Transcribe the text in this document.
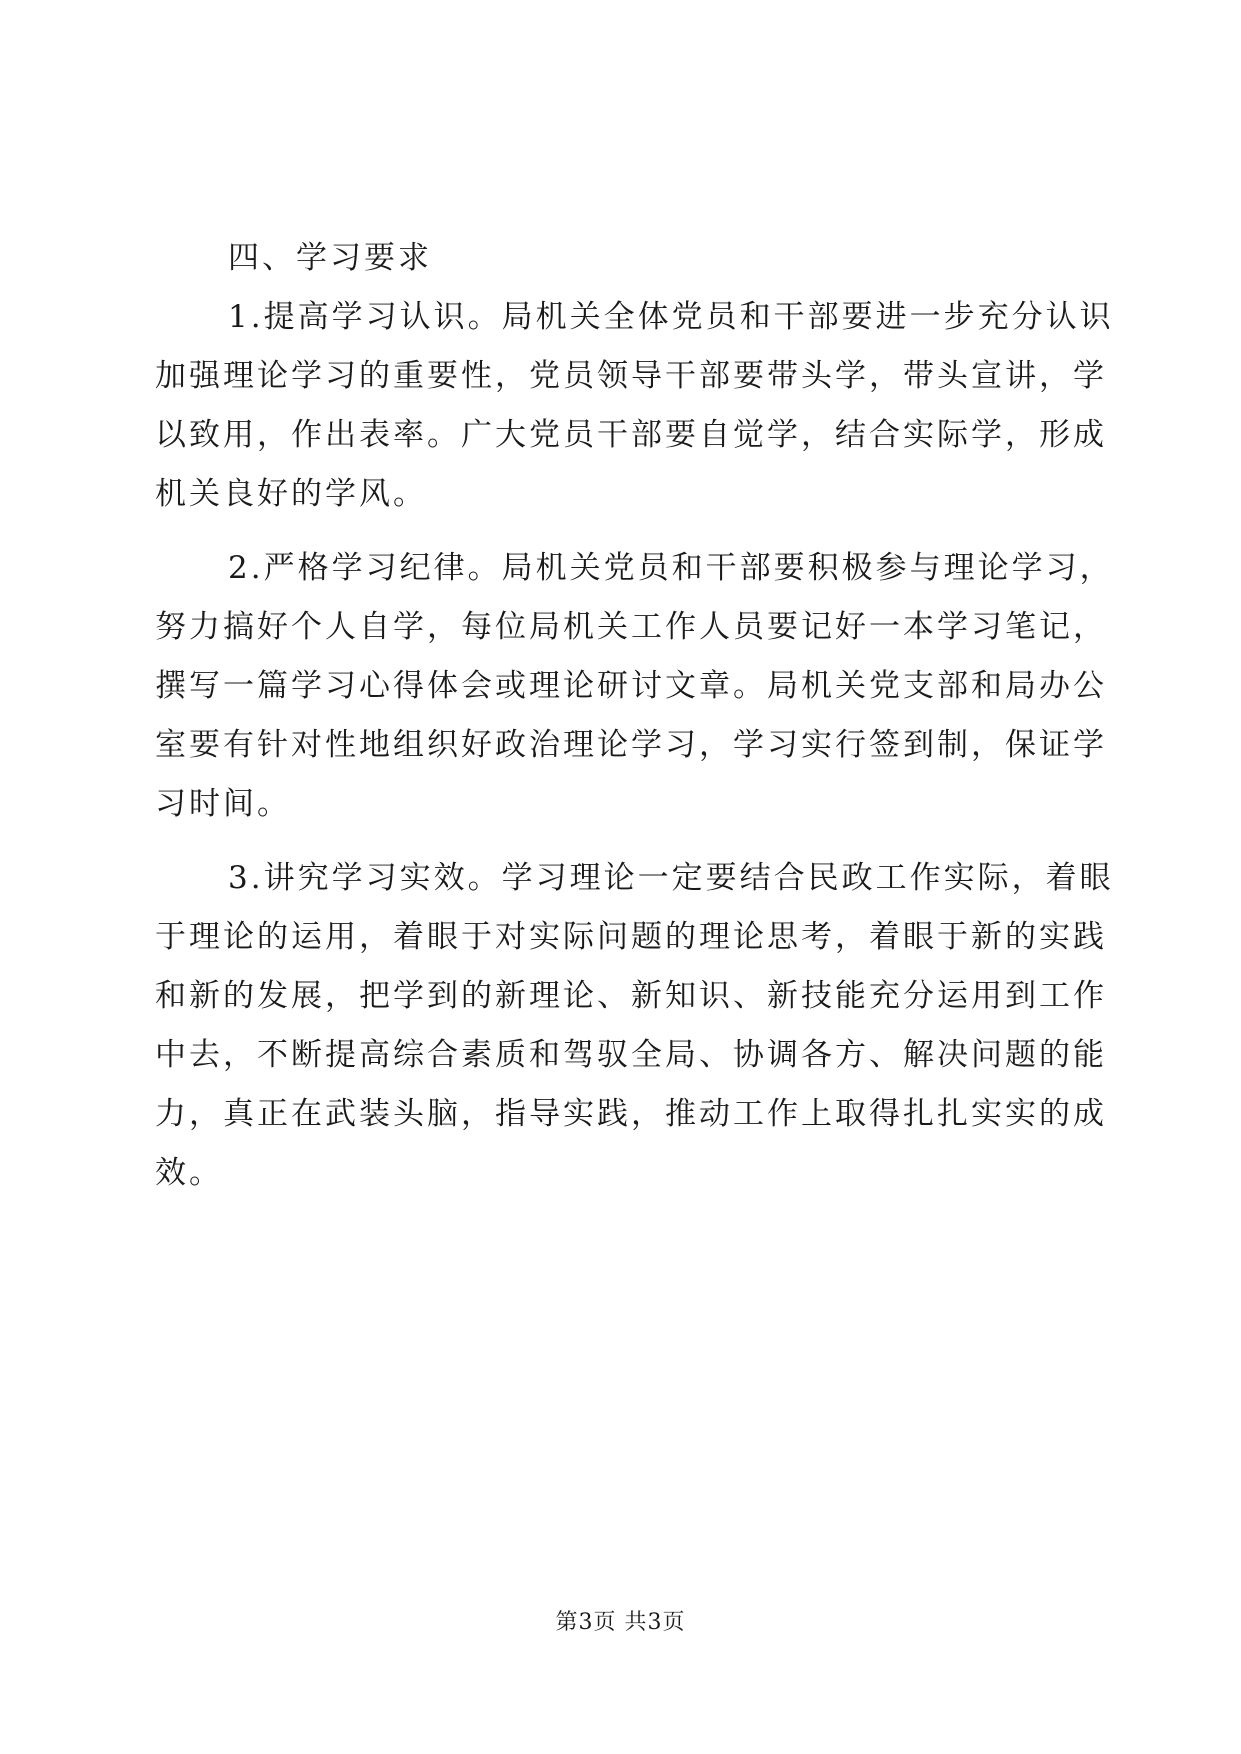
四、学习要求

1.提高学习认识。局机关全体党员和干部要进一步充分认识

加强理论学习的重要性，党员领导干部要带头学，带头宣讲，学

以致用，作出表率。广大党员干部要自觉学，结合实际学，形成

机关良好的学风。

2.严格学习纪律。局机关党员和干部要积极参与理论学习，

努力搞好个人自学，每位局机关工作人员要记好一本学习笔记，

撰写一篇学习心得体会或理论研讨文章。局机关党支部和局办公

室要有针对性地组织好政治理论学习，学习实行签到制，保证学

习时间。

3.讲究学习实效。学习理论一定要结合民政工作实际，着眼

于理论的运用，着眼于对实际问题的理论思考，着眼于新的实践

和新的发展，把学到的新理论、新知识、新技能充分运用到工作

中去，不断提高综合素质和驾驭全局、协调各方、解决问题的能

力，真正在武装头脑，指导实践，推动工作上取得扎扎实实的成

效。

第3页 共3页
